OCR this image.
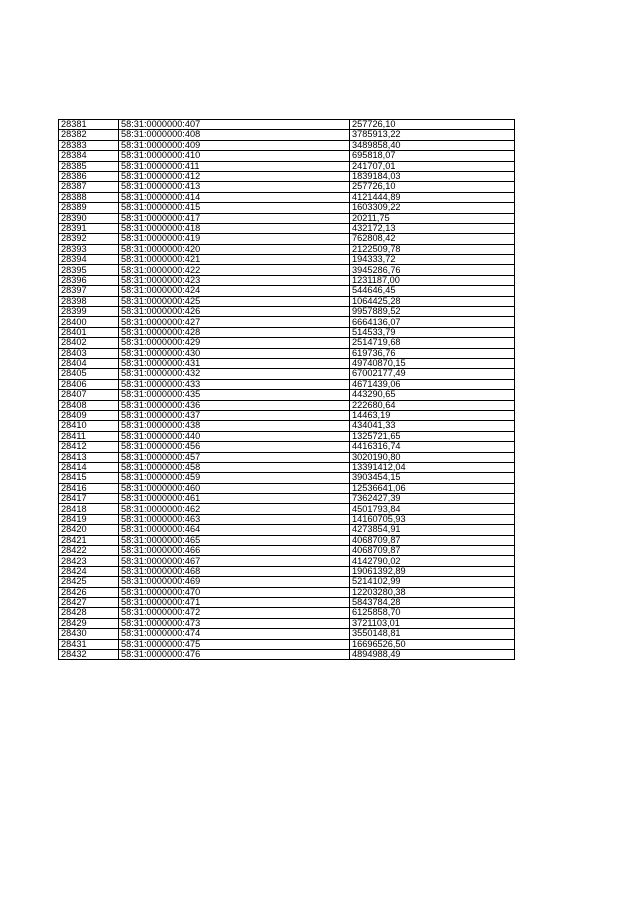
28381	58:31:0000000:407	257726,10
28382	58:31:0000000:408	3785913,22
28383	58:31:0000000:409	3489858,40
28384	58:31:0000000:410	695818,07
28385	58:31:0000000:411	241707,01
28386	58:31:0000000:412	1839184,03
28387	58:31:0000000:413	257726,10
28388	58:31:0000000:414	4121444,89
28389	58:31:0000000:415	1603309,22
28390	58:31:0000000:417	20211,75
28391	58:31:0000000:418	432172,13
28392	58:31:0000000:419	762808,42
28393	58:31:0000000:420	2122509,78
28394	58:31:0000000:421	194333,72
28395	58:31:0000000:422	3945286,76
28396	58:31:0000000:423	1231187,00
28397	58:31:0000000:424	544646,45
28398	58:31:0000000:425	1064425,28
28399	58:31:0000000:426	9957889,52
28400	58:31:0000000:427	6664136,07
28401	58:31:0000000:428	514533,79
28402	58:31:0000000:429	2514719,68
28403	58:31:0000000:430	619736,76
28404	58:31:0000000:431	49740870,15
28405	58:31:0000000:432	67002177,49
28406	58:31:0000000:433	4671439,06
28407	58:31:0000000:435	443290,65
28408	58:31:0000000:436	222680,64
28409	58:31:0000000:437	14463,19
28410	58:31:0000000:438	434041,33
28411	58:31:0000000:440	1325721,65
28412	58:31:0000000:456	4416316,74
28413	58:31:0000000:457	3020190,80
28414	58:31:0000000:458	13391412,04
28415	58:31:0000000:459	3903454,15
28416	58:31:0000000:460	12536641,06
28417	58:31:0000000:461	7362427,39
28418	58:31:0000000:462	4501793,84
28419	58:31:0000000:463	14160705,93
28420	58:31:0000000:464	4273854,91
28421	58:31:0000000:465	4068709,87
28422	58:31:0000000:466	4068709,87
28423	58:31:0000000:467	4142790,02
28424	58:31:0000000:468	19061392,89
28425	58:31:0000000:469	5214102,99
28426	58:31:0000000:470	12203280,38
28427	58:31:0000000:471	5843784,28
28428	58:31:0000000:472	6125858,70
28429	58:31:0000000:473	3721103,01
28430	58:31:0000000:474	3550148,81
28431	58:31:0000000:475	16696526,50
28432	58:31:0000000:476	4894988,49
